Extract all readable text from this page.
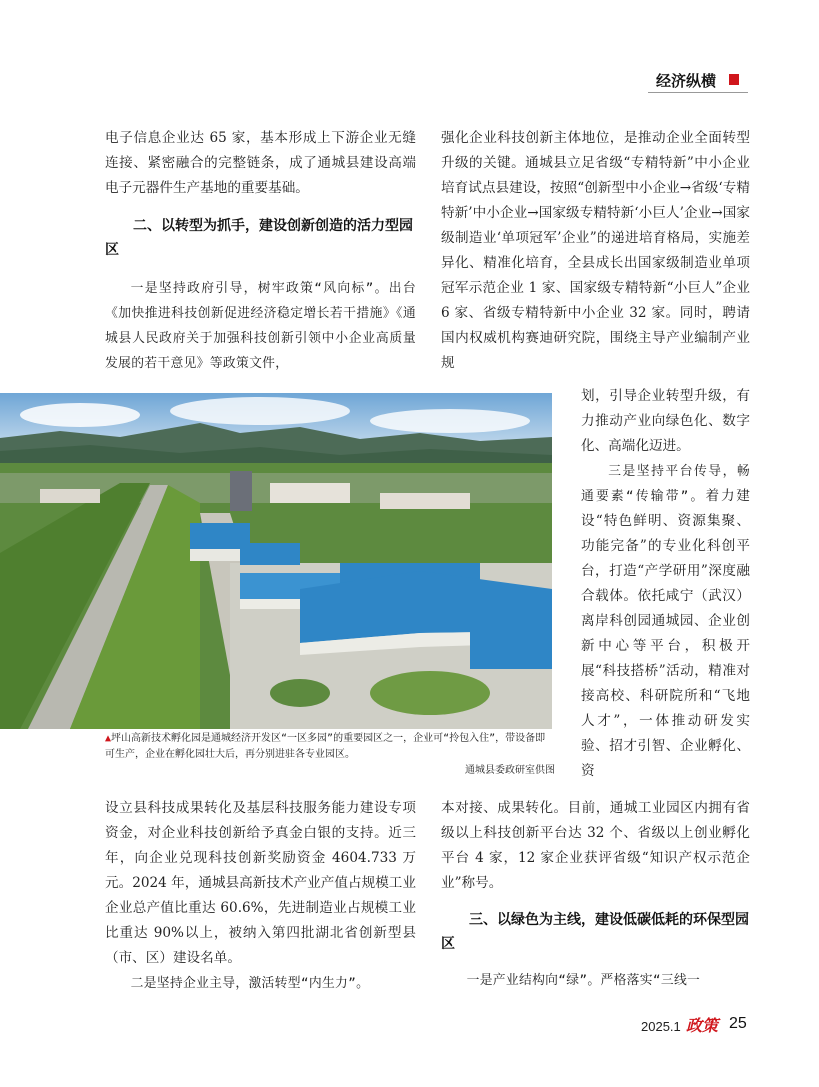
经济纵横

电子信息企业达 65 家，基本形成上下游企业无缝连接、紧密融合的完整链条，成了通城县建设高端电子元器件生产基地的重要基础。

二、以转型为抓手，建设创新创造的活力型园区

一是坚持政府引导，树牢政策“风向标”。出台《加快推进科技创新促进经济稳定增长若干措施》《通城县人民政府关于加强科技创新引领中小企业高质量发展的若干意见》等政策文件，

强化企业科技创新主体地位，是推动企业全面转型升级的关键。通城县立足省级“专精特新”中小企业培育试点县建设，按照“创新型中小企业→省级‘专精特新’中小企业→国家级专精特新‘小巨人’企业→国家级制造业‘单项冠军’企业”的递进培育格局，实施差异化、精准化培育，全县成长出国家级制造业单项冠军示范企业 1 家、国家级专精特新“小巨人”企业 6 家、省级专精特新中小企业 32 家。同时，聘请国内权威机构赛迪研究院，围绕主导产业编制产业规

划，引导企业转型升级，有力推动产业向绿色化、数字化、高端化迈进。

三是坚持平台传导，畅通要素“传输带”。着力建设“特色鲜明、资源集聚、功能完备”的专业化科创平台，打造“产学研用”深度融合载体。依托咸宁（武汉）离岸科创园通城园、企业创新中心等平台，积极开展“科技搭桥”活动，精准对接高校、科研院所和“飞地人才”，一体推动研发实验、招才引智、企业孵化、资

▲坪山高新技术孵化园是通城经济开发区“一区多园”的重要园区之一，企业可“拎包入住”，带设备即可生产，企业在孵化园壮大后，再分别进驻各专业园区。
通城县委政研室供图

设立县科技成果转化及基层科技服务能力建设专项资金，对企业科技创新给予真金白银的支持。近三年，向企业兑现科技创新奖励资金 4604.733 万元。2024 年，通城县高新技术产业产值占规模工业企业总产值比重达 60.6%，先进制造业占规模工业比重达 90%以上，被纳入第四批湖北省创新型县（市、区）建设名单。

二是坚持企业主导，激活转型“内生力”。

本对接、成果转化。目前，通城工业园区内拥有省级以上科技创新平台达 32 个、省级以上创业孵化平台 4 家，12 家企业获评省级“知识产权示范企业”称号。

三、以绿色为主线，建设低碳低耗的环保型园区

一是产业结构向“绿”。严格落实“三线一

2025.1 政策 25
